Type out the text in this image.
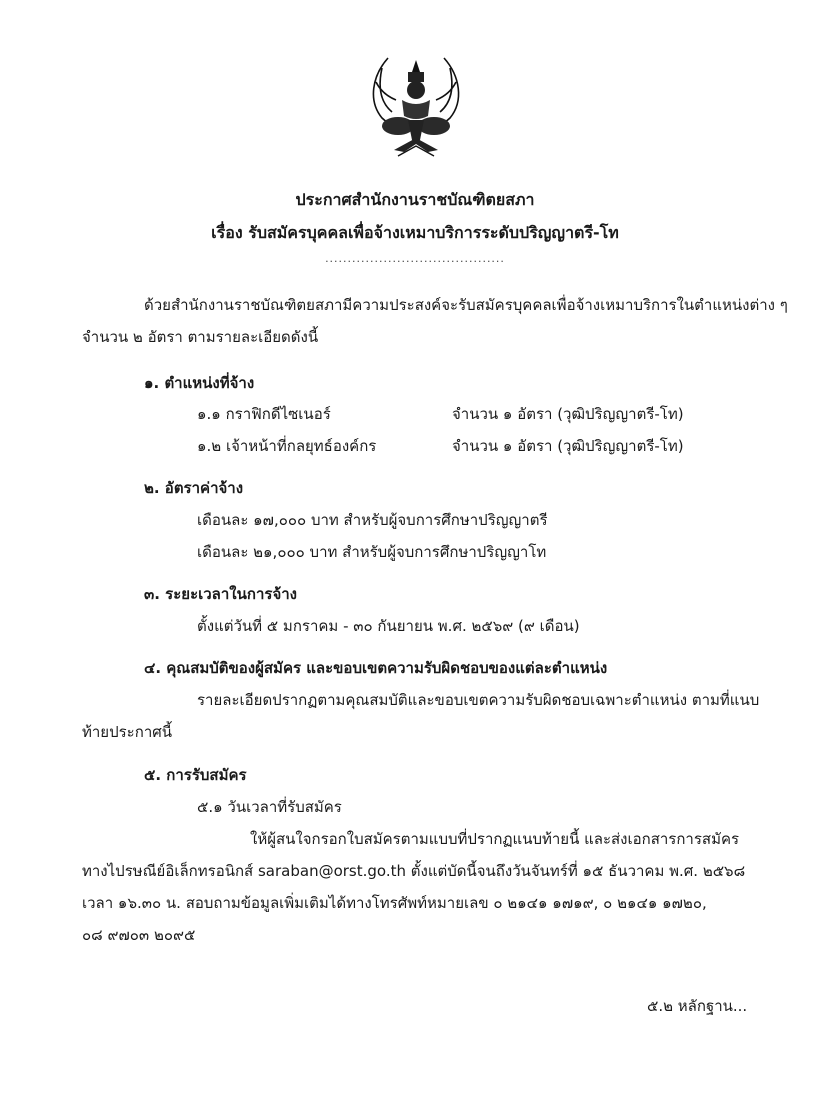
ประกาศสำนักงานราชบัณฑิตยสภา
เรื่อง รับสมัครบุคคลเพื่อจ้างเหมาบริการระดับปริญญาตรี-โท
........................................
ด้วยสำนักงานราชบัณฑิตยสภามีความประสงค์จะรับสมัครบุคคลเพื่อจ้างเหมาบริการในตำแหน่งต่าง ๆ
จำนวน ๒ อัตรา ตามรายละเอียดดังนี้
๑. ตำแหน่งที่จ้าง
๑.๑ กราฟิกดีไซเนอร์	จำนวน ๑ อัตรา (วุฒิปริญญาตรี-โท)
๑.๒ เจ้าหน้าที่กลยุทธ์องค์กร	จำนวน ๑ อัตรา (วุฒิปริญญาตรี-โท)
๒. อัตราค่าจ้าง
เดือนละ ๑๗,๐๐๐ บาท สำหรับผู้จบการศึกษาปริญญาตรี
เดือนละ ๒๑,๐๐๐ บาท สำหรับผู้จบการศึกษาปริญญาโท
๓. ระยะเวลาในการจ้าง
ตั้งแต่วันที่ ๕ มกราคม - ๓๐ กันยายน พ.ศ. ๒๕๖๙ (๙ เดือน)
๔. คุณสมบัติของผู้สมัคร และขอบเขตความรับผิดชอบของแต่ละตำแหน่ง
รายละเอียดปรากฏตามคุณสมบัติและขอบเขตความรับผิดชอบเฉพาะตำแหน่ง ตามที่แนบ
ท้ายประกาศนี้
๕. การรับสมัคร
๕.๑ วันเวลาที่รับสมัคร
ให้ผู้สนใจกรอกใบสมัครตามแบบที่ปรากฏแนบท้ายนี้ และส่งเอกสารการสมัคร
ทางไปรษณีย์อิเล็กทรอนิกส์ saraban@orst.go.th ตั้งแต่บัดนี้จนถึงวันจันทร์ที่ ๑๕ ธันวาคม พ.ศ. ๒๕๖๘
เวลา ๑๖.๓๐ น. สอบถามข้อมูลเพิ่มเติมได้ทางโทรศัพท์หมายเลข ๐ ๒๑๔๑ ๑๗๑๙, ๐ ๒๑๔๑ ๑๗๒๐,
๐๘ ๙๗๐๓ ๒๐๙๕
๕.๒ หลักฐาน...
